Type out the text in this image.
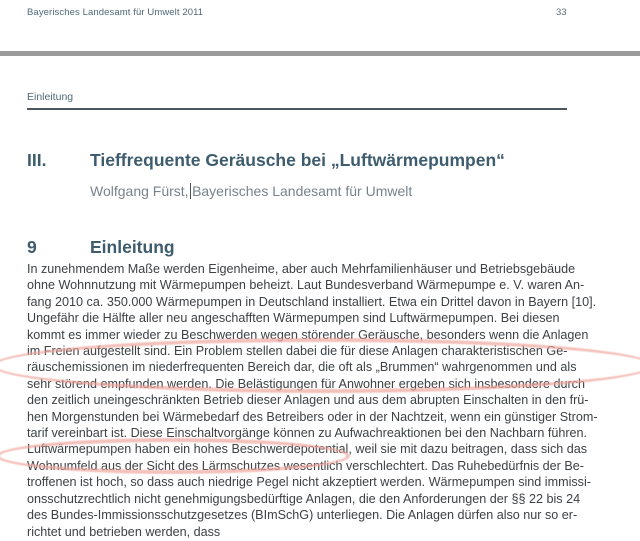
Bayerisches Landesamt für Umwelt 2011	33
Einleitung
III. Tieffrequente Geräusche bei „Luftwärmepumpen“
Wolfgang Fürst, Bayerisches Landesamt für Umwelt
9	Einleitung
In zunehmendem Maße werden Eigenheime, aber auch Mehrfamilienhäuser und Betriebsgebäude
ohne Wohnnutzung mit Wärmepumpen beheizt. Laut Bundesverband Wärmepumpe e. V. waren An-
fang 2010 ca. 350.000 Wärmepumpen in Deutschland installiert. Etwa ein Drittel davon in Bayern [10].
Ungefähr die Hälfte aller neu angeschafften Wärmepumpen sind Luftwärmepumpen. Bei diesen
kommt es immer wieder zu Beschwerden wegen störender Geräusche, besonders wenn die Anlagen
im Freien aufgestellt sind. Ein Problem stellen dabei die für diese Anlagen charakteristischen Ge-
räuschemissionen im niederfrequenten Bereich dar, die oft als „Brummen“ wahrgenommen und als
sehr störend empfunden werden. Die Belästigungen für Anwohner ergeben sich insbesondere durch
den zeitlich uneingeschränkten Betrieb dieser Anlagen und aus dem abrupten Einschalten in den frü-
hen Morgenstunden bei Wärmebedarf des Betreibers oder in der Nachtzeit, wenn ein günstiger Strom-
tarif vereinbart ist. Diese Einschaltvorgänge können zu Aufwachreaktionen bei den Nachbarn führen.
Luftwärmepumpen haben ein hohes Beschwerdepotential, weil sie mit dazu beitragen, dass sich das
Wohnumfeld aus der Sicht des Lärmschutzes wesentlich verschlechtert. Das Ruhebedürfnis der Be-
troffenen ist hoch, so dass auch niedrige Pegel nicht akzeptiert werden. Wärmepumpen sind immissi-
onsschutzrechtlich nicht genehmigungsbedürftige Anlagen, die den Anforderungen der §§ 22 bis 24
des Bundes-Immissionsschutzgesetzes (BImSchG) unterliegen. Die Anlagen dürfen also nur so er-
richtet und betrieben werden, dass
